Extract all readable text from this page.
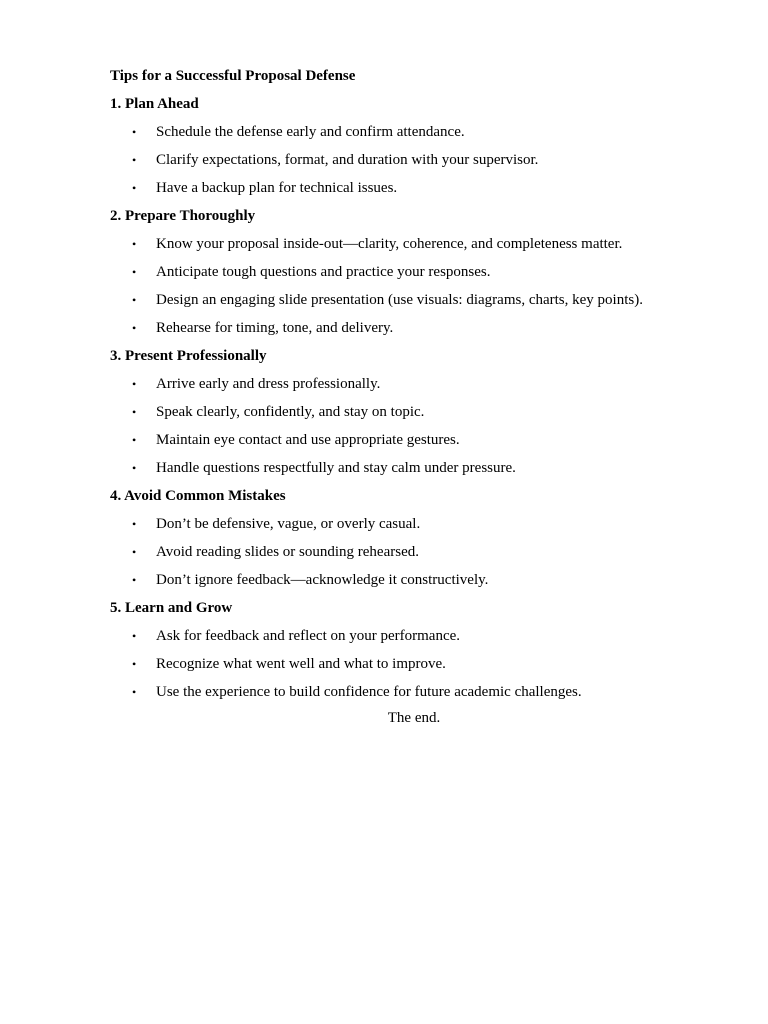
Tips for a Successful Proposal Defense
1. Plan Ahead
•	Schedule the defense early and confirm attendance.
•	Clarify expectations, format, and duration with your supervisor.
•	Have a backup plan for technical issues.
2. Prepare Thoroughly
•	Know your proposal inside-out—clarity, coherence, and completeness matter.
•	Anticipate tough questions and practice your responses.
•	Design an engaging slide presentation (use visuals: diagrams, charts, key points).
•	Rehearse for timing, tone, and delivery.
3. Present Professionally
•	Arrive early and dress professionally.
•	Speak clearly, confidently, and stay on topic.
•	Maintain eye contact and use appropriate gestures.
•	Handle questions respectfully and stay calm under pressure.
4. Avoid Common Mistakes
•	Don’t be defensive, vague, or overly casual.
•	Avoid reading slides or sounding rehearsed.
•	Don’t ignore feedback—acknowledge it constructively.
5. Learn and Grow
•	Ask for feedback and reflect on your performance.
•	Recognize what went well and what to improve.
•	Use the experience to build confidence for future academic challenges.
The end.
